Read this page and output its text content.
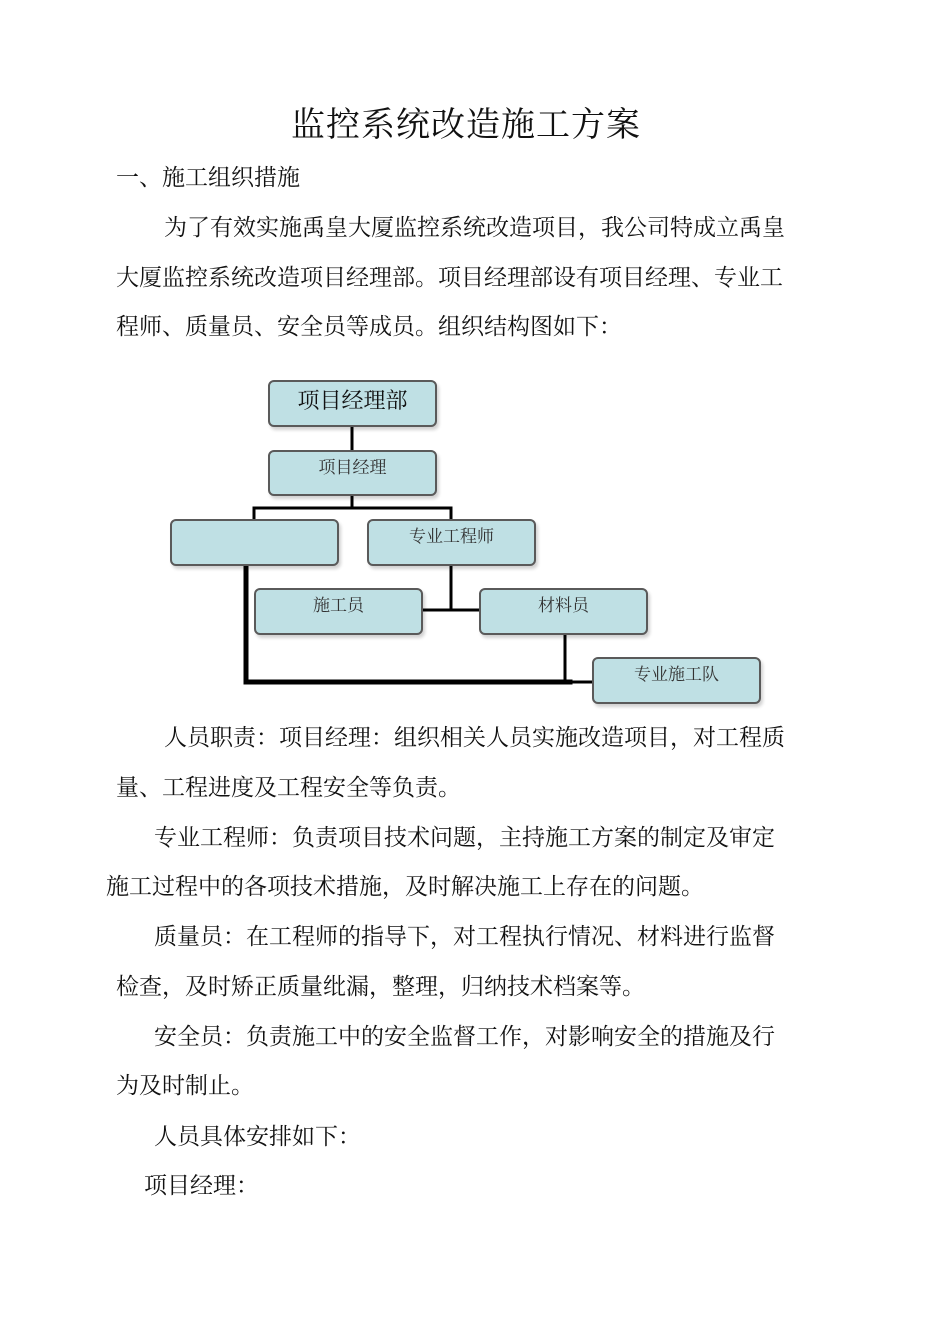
监控系统改造施工方案
一、施工组织措施
为了有效实施禹皇大厦监控系统改造项目，我公司特成立禹皇
大厦监控系统改造项目经理部。项目经理部设有项目经理、专业工
程师、质量员、安全员等成员。组织结构图如下：
项目经理部
项目经理
专业工程师
施工员	材料员
专业施工队
人员职责：项目经理：组织相关人员实施改造项目，对工程质
量、工程进度及工程安全等负责。
专业工程师：负责项目技术问题，主持施工方案的制定及审定
施工过程中的各项技术措施，及时解决施工上存在的问题。
质量员：在工程师的指导下，对工程执行情况、材料进行监督
检查，及时矫正质量纰漏，整理，归纳技术档案等。
安全员：负责施工中的安全监督工作，对影响安全的措施及行
为及时制止。
人员具体安排如下：
项目经理：
